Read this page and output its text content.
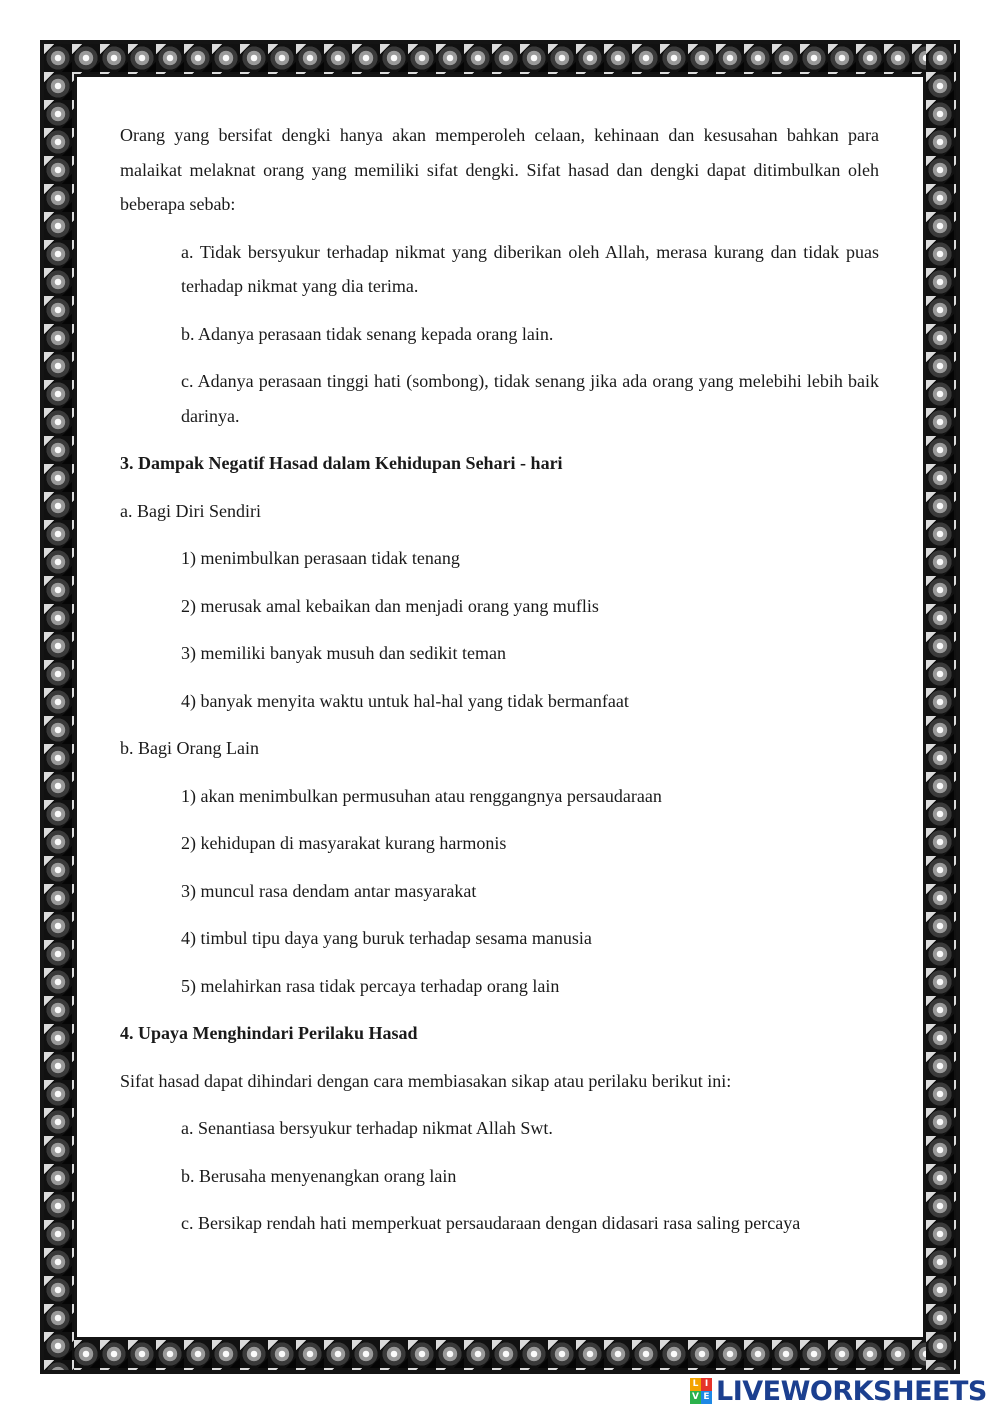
Orang yang bersifat dengki hanya akan memperoleh celaan, kehinaan dan kesusahan bahkan para malaikat melaknat orang yang memiliki sifat dengki. Sifat hasad dan dengki dapat ditimbulkan oleh beberapa sebab:

a. Tidak bersyukur terhadap nikmat yang diberikan oleh Allah, merasa kurang dan tidak puas terhadap nikmat yang dia terima.

b. Adanya perasaan tidak senang kepada orang lain.

c. Adanya perasaan tinggi hati (sombong), tidak senang jika ada orang yang melebihi lebih baik darinya.

3. Dampak Negatif Hasad dalam Kehidupan Sehari - hari

a. Bagi Diri Sendiri

1) menimbulkan perasaan tidak tenang

2) merusak amal kebaikan dan menjadi orang yang muflis

3) memiliki banyak musuh dan sedikit teman

4) banyak menyita waktu untuk hal-hal yang tidak bermanfaat

b. Bagi Orang Lain

1) akan menimbulkan permusuhan atau renggangnya persaudaraan

2) kehidupan di masyarakat kurang harmonis

3) muncul rasa dendam antar masyarakat

4) timbul tipu daya yang buruk terhadap sesama manusia

5) melahirkan rasa tidak percaya terhadap orang lain

4. Upaya Menghindari Perilaku Hasad

Sifat hasad dapat dihindari dengan cara membiasakan sikap atau perilaku berikut ini:

a. Senantiasa bersyukur terhadap nikmat Allah Swt.

b. Berusaha menyenangkan orang lain

c. Bersikap rendah hati memperkuat persaudaraan dengan didasari rasa saling percaya

L I
V E LIVEWORKSHEETS
